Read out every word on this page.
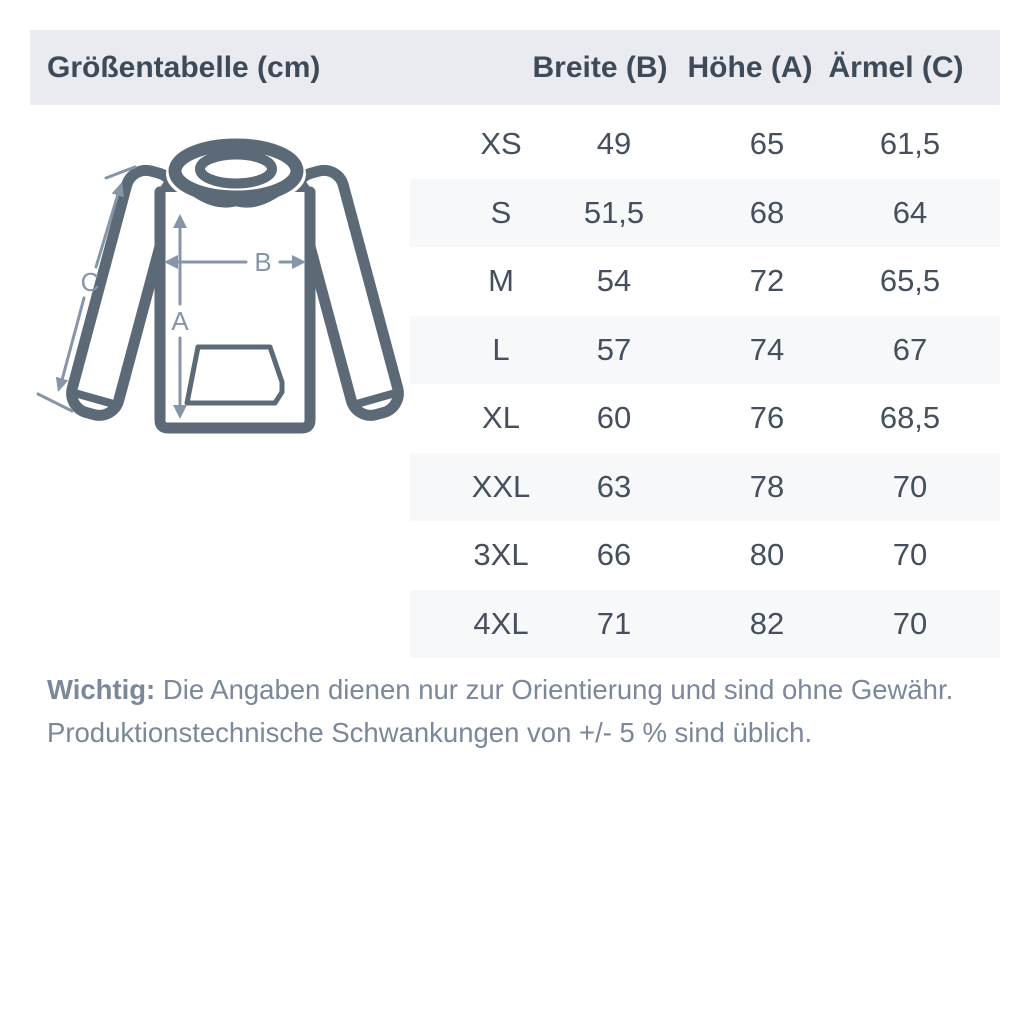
Größentabelle (cm)	Breite (B) Höhe (A) Ärmel (C)
A
B
C
XS 49	65	61,5
S 51,5	68	64
M	54	72	65,5
L	57	74	67
XL 60	76	68,5
XXL 63	78	70
3XL 66	80	70
4XL 71	82	70
Wichtig: Die Angaben dienen nur zur Orientierung und sind ohne Gewähr.
Produktionstechnische Schwankungen von +/- 5 % sind üblich.
